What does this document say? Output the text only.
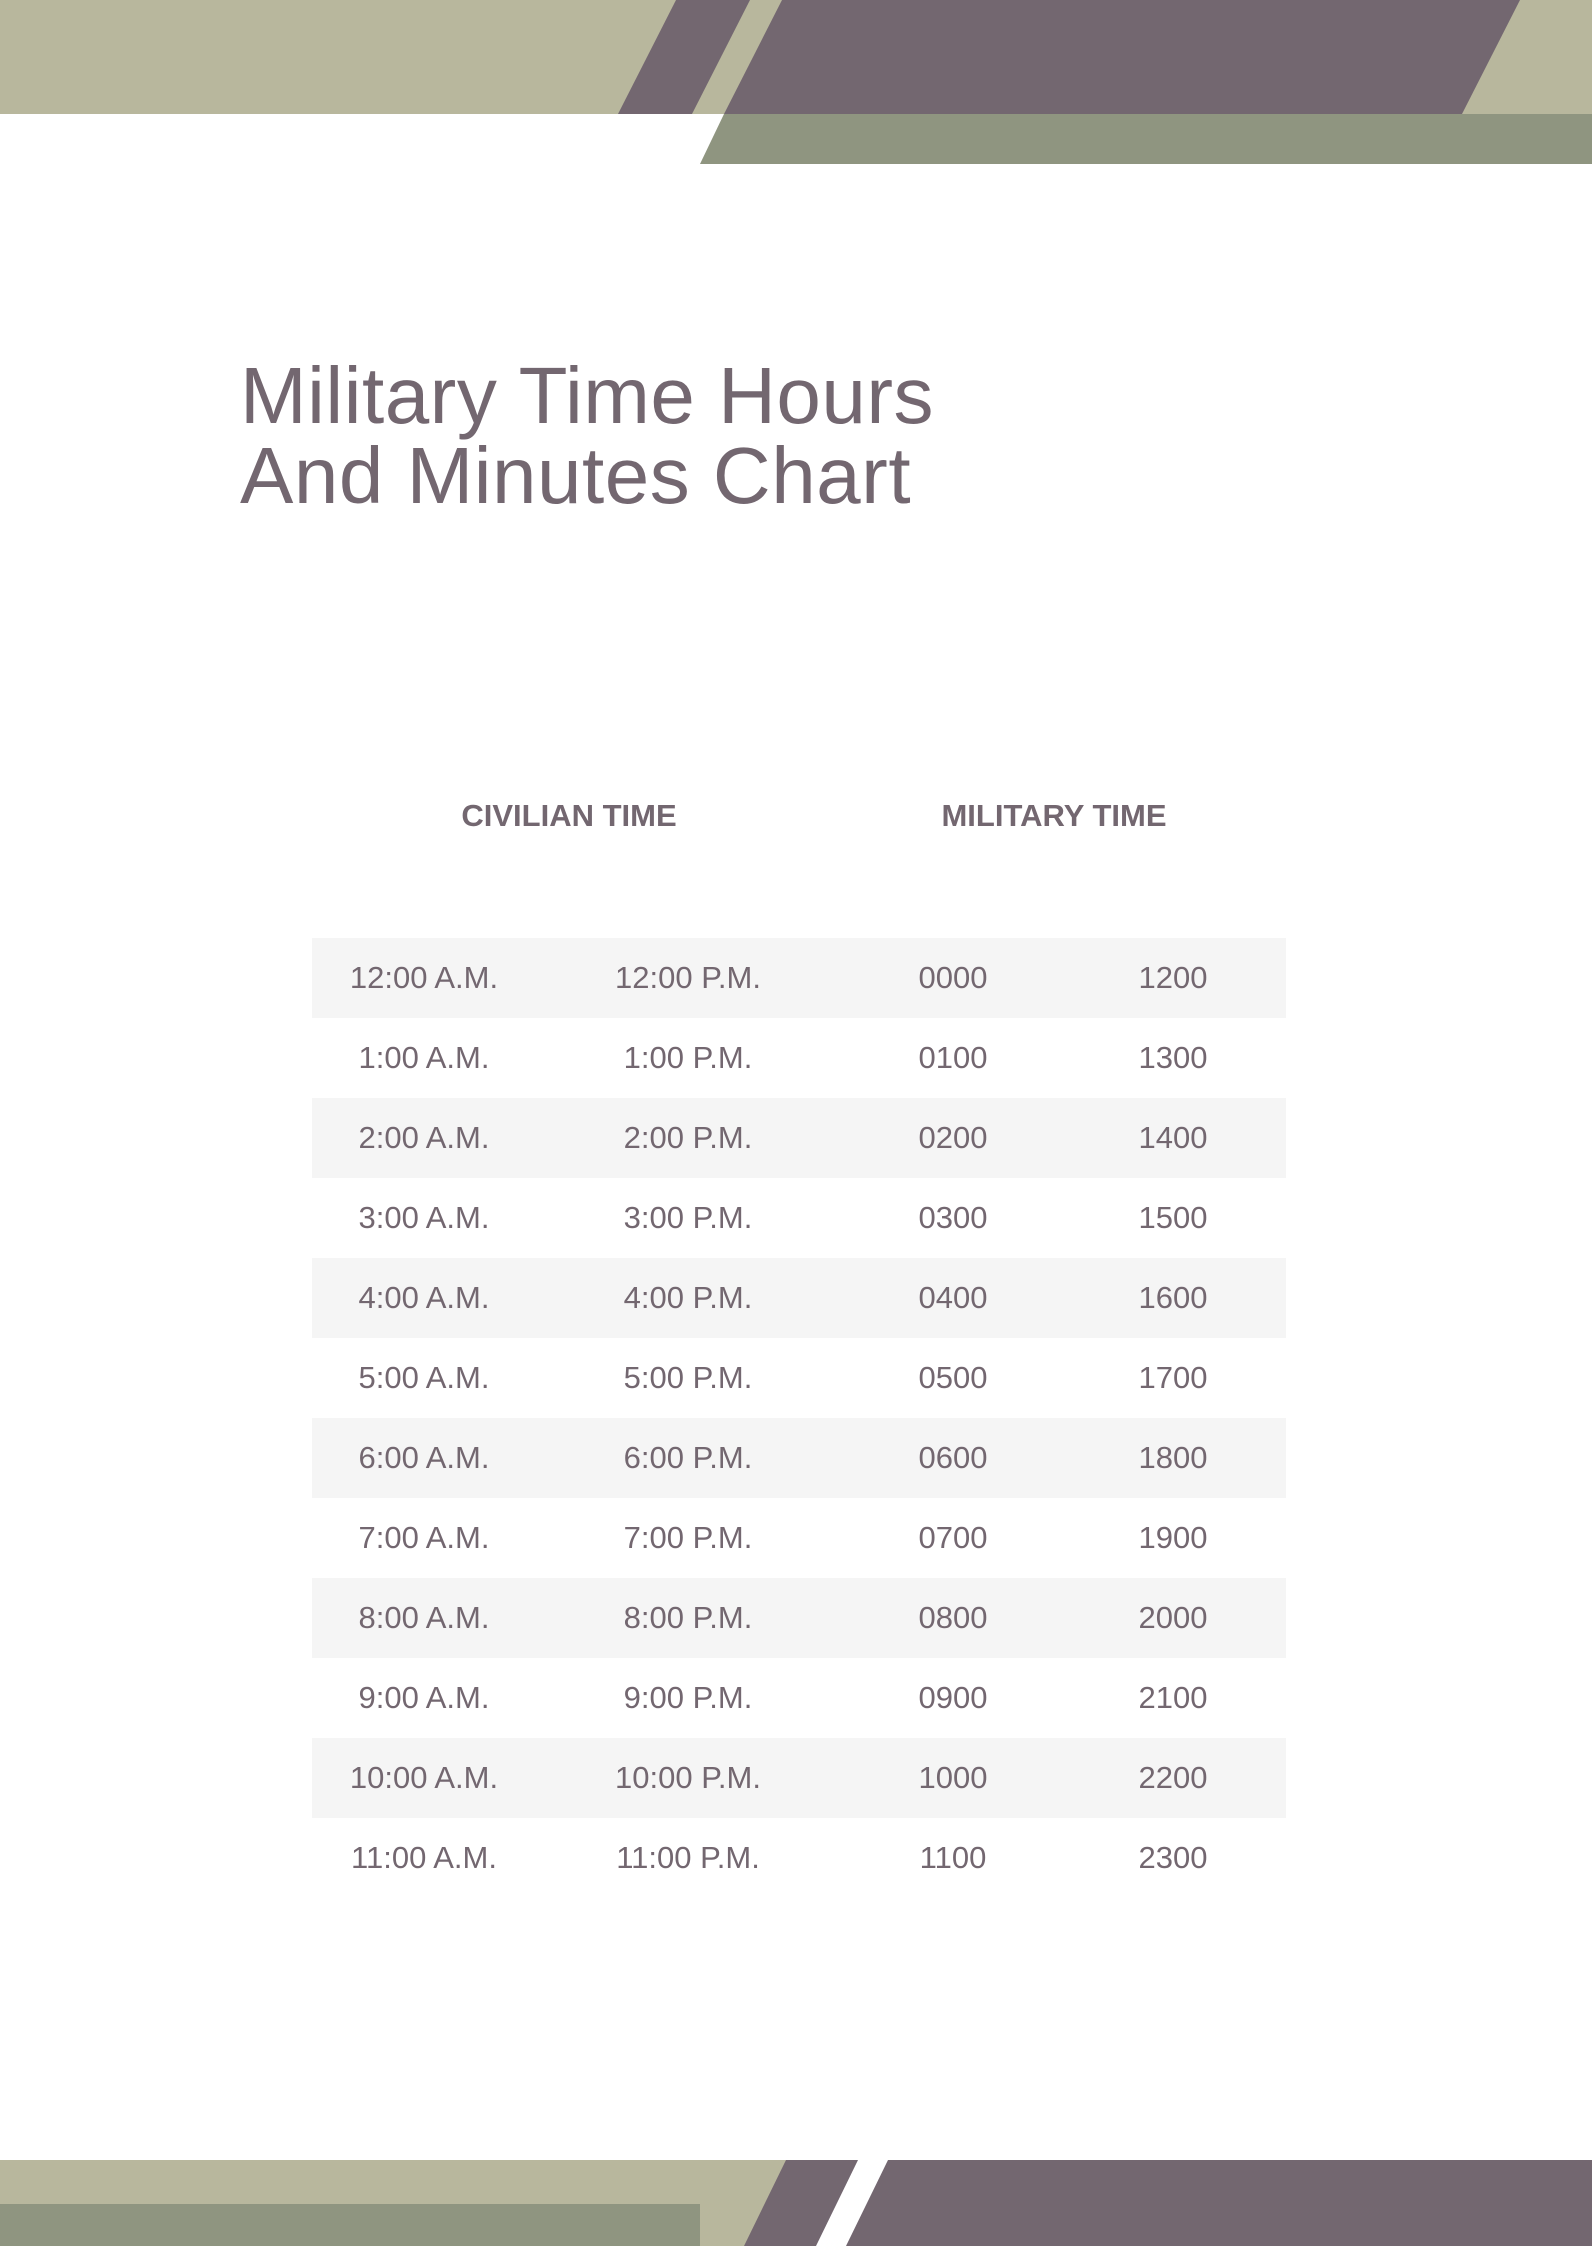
Military Time Hours
And Minutes Chart
CIVILIAN TIME	MILITARY TIME
12:00 A.M.	12:00 P.M.	0000	1200
1:00 A.M.	1:00 P.M.	0100	1300
2:00 A.M.	2:00 P.M.	0200	1400
3:00 A.M.	3:00 P.M.	0300	1500
4:00 A.M.	4:00 P.M.	0400	1600
5:00 A.M.	5:00 P.M.	0500	1700
6:00 A.M.	6:00 P.M.	0600	1800
7:00 A.M.	7:00 P.M.	0700	1900
8:00 A.M.	8:00 P.M.	0800	2000
9:00 A.M.	9:00 P.M.	0900	2100
10:00 A.M.	10:00 P.M.	1000	2200
11:00 A.M.	11:00 P.M.	1100	2300
